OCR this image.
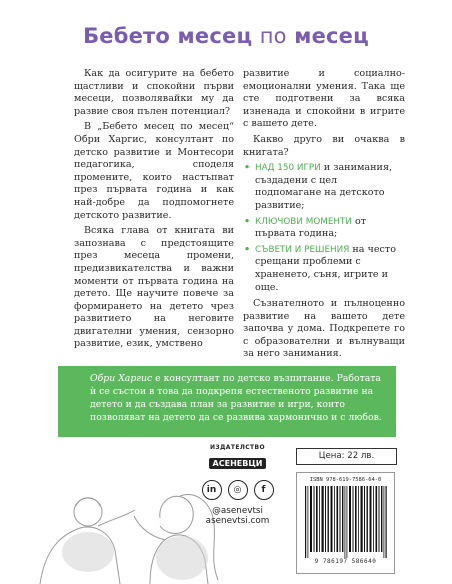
Бебето месец по месец

Как да осигурите на бебето щастливи и спокойни първи месеци, позволявайки му да развие своя пълен потенциал?

В „Бебето месец по месец“ Обри Харгис, консултант по детско развитие и Монтесори педагогика, споделя промените, които настъпват през първата година и как най-добре да подпомогнете детското развитие.

Всяка глава от книгата ви запознава с предстоящите през месеца промени, предизвикателства и важни моменти от първата година на детето. Ще научите повече за формирането на детето чрез развитието на неговите двигателни умения, сензорно развитие, език, умствено

развитие и социално-емоционални умения. Така ще сте подготвени за всяка изненада и спокойни в игрите с вашето дете.

Какво друго ви очаква в книгата?

• НАД 150 ИГРИ и занимания, създадени с цел подпомагане на детското развитие;
• КЛЮЧОВИ МОМЕНТИ от първата година;
• СЪВЕТИ И РЕШЕНИЯ на често срещани проблеми с храненето, съня, игрите и още.

Съзнателното и пълноценно развитие на вашето дете започва у дома. Подкрепете го с образователни и вълнуващи за него занимания.

Обри Харгис е консултант по детско възпитание. Работата ѝ се състои в това да подкрепя естественото развитие на детето и да създава план за развитие и игри, които позволяват на детето да се развива хармонично и с любов.
ИЗДАТЕЛСТВО
АСЕНЕВЦИ
in	◎	f
@asenevtsi
asenevtsi.com
Цена: 22 лв.
ISBN 978-619-7586-64-0
9 786197 586640
